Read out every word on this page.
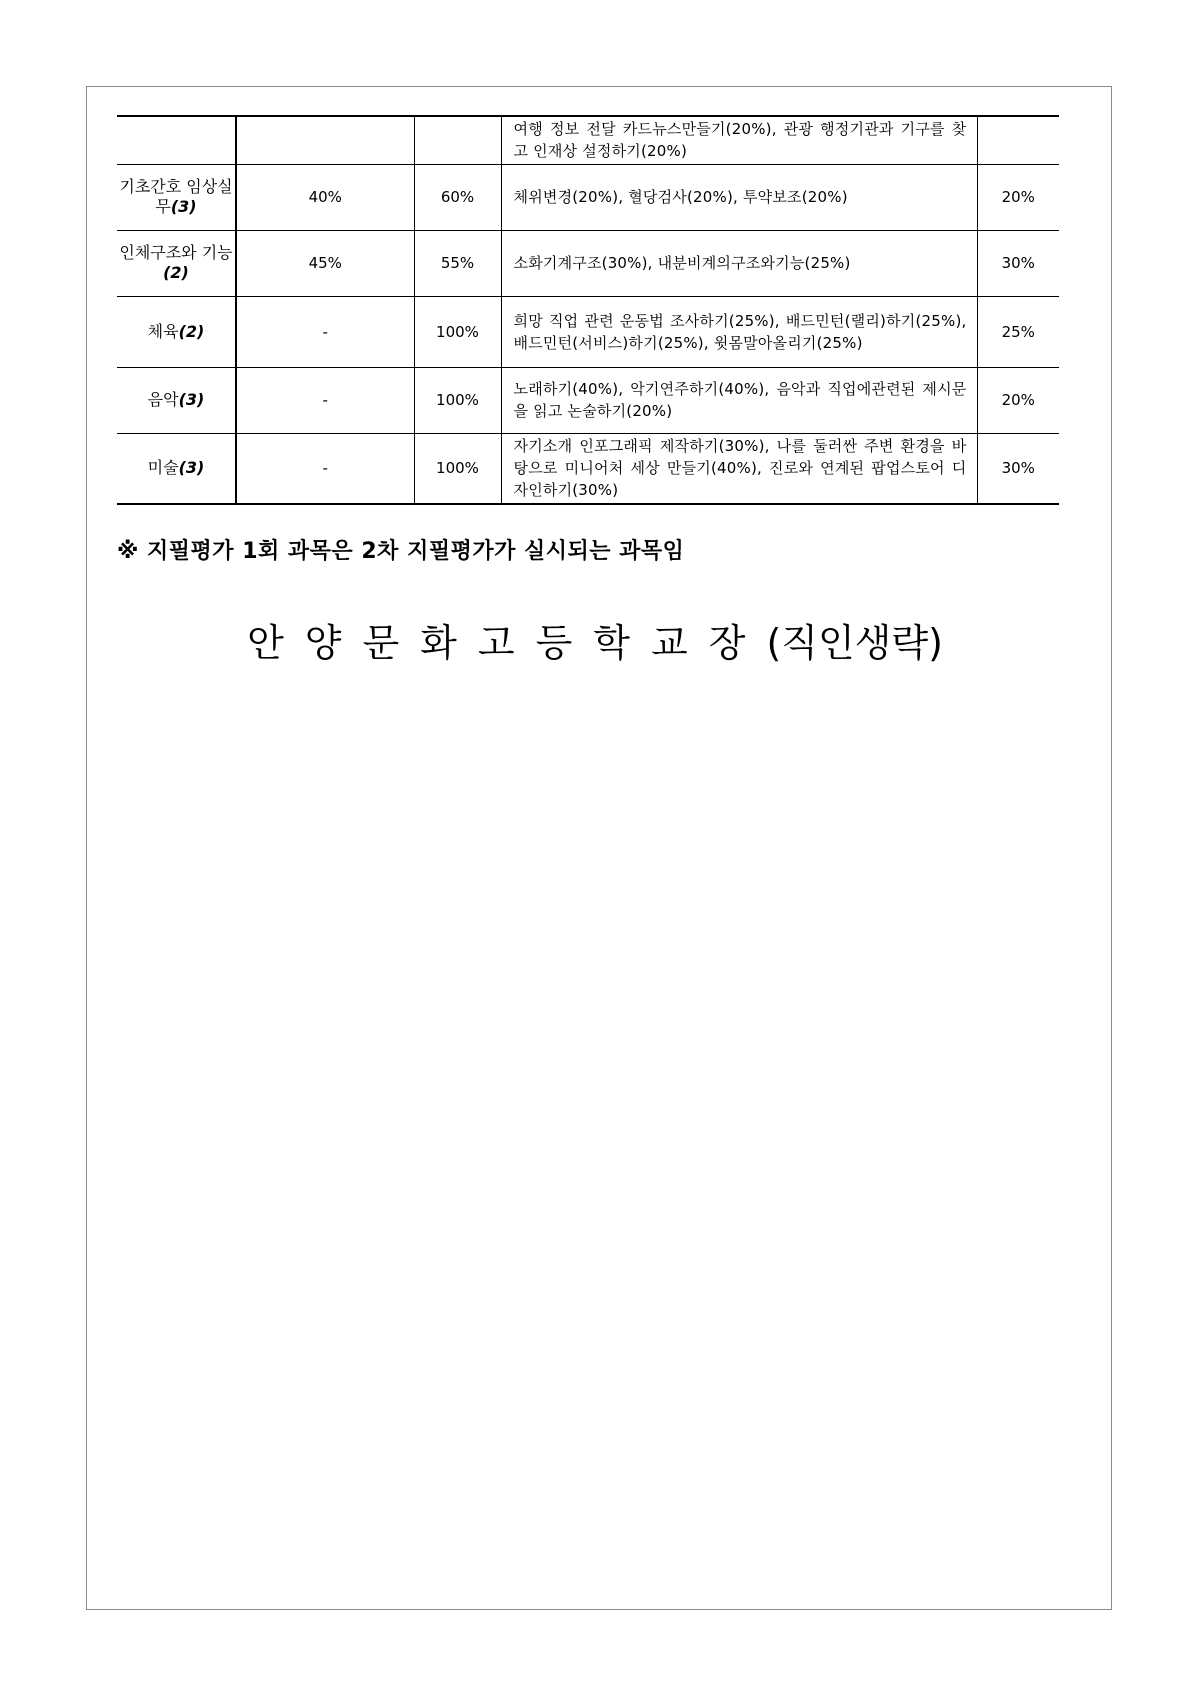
			여행 정보 전달 카드뉴스만들기(20%), 관광 행정기관과 기구를 찾고 인재상 설정하기(20%)	
기초간호 임상실무(3)	40%	60%	체위변경(20%), 혈당검사(20%), 투약보조(20%)	20%
인체구조와 기능(2)	45%	55%	소화기계구조(30%), 내분비계의구조와기능(25%)	30%
체육(2)	-	100%	희망 직업 관련 운동법 조사하기(25%), 배드민턴(랠리)하기(25%), 배드민턴(서비스)하기(25%), 윗몸말아올리기(25%)	25%
음악(3)	-	100%	노래하기(40%), 악기연주하기(40%), 음악과 직업에관련된 제시문을 읽고 논술하기(20%)	20%
미술(3)	-	100%	자기소개 인포그래픽 제작하기(30%), 나를 둘러싼 주변 환경을 바탕으로 미니어처 세상 만들기(40%), 진로와 연계된 팝업스토어 디자인하기(30%)	30%
※ 지필평가 1회 과목은 2차 지필평가가 실시되는 과목임
안양문화고등학교장(직인생략)
